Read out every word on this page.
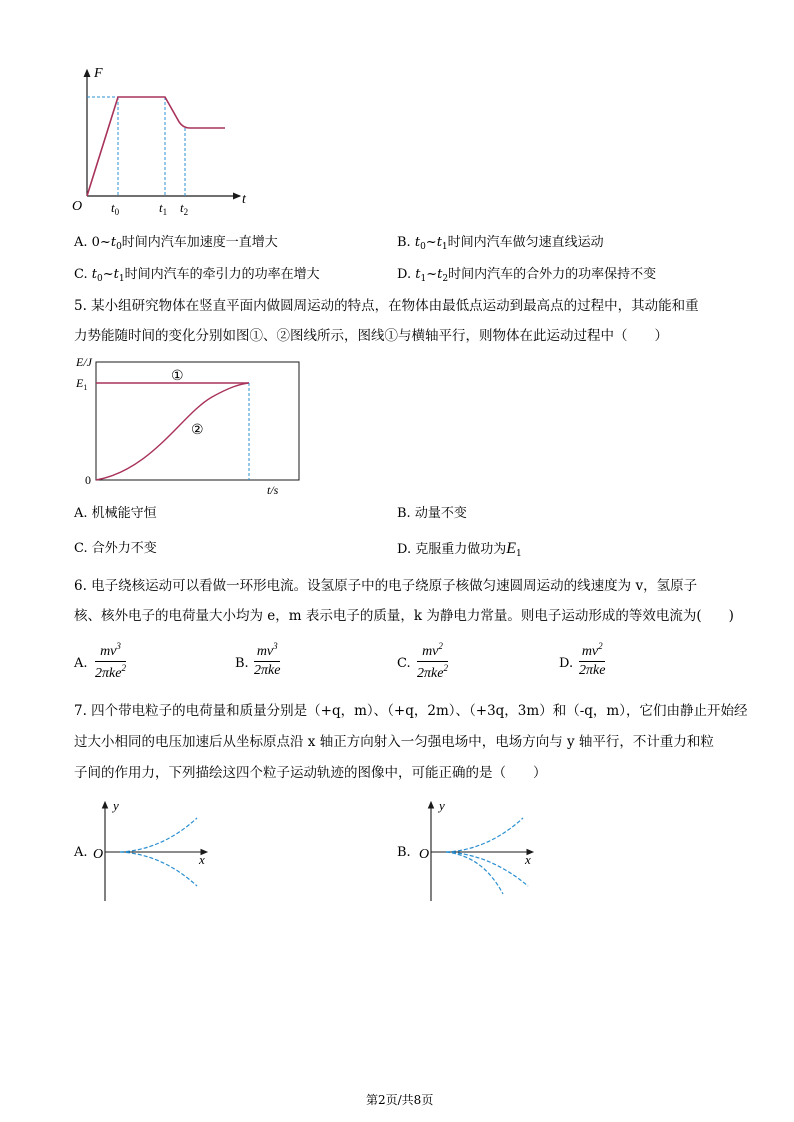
F
t
O $t_0$	$t_1$ $t_2$
A. $0\sim t_0$时间内汽车加速度一直增大	B. $t_0\sim t_1$时间内汽车做匀速直线运动
C. $t_0\sim t_1$时间内汽车的牵引力的功率在增大	D. $t_1\sim t_2$时间内汽车的合外力的功率保持不变
5. 某小组研究物体在竖直平面内做圆周运动的特点，在物体由最低点运动到最高点的过程中，其动能和重
力势能随时间的变化分别如图①、②图线所示，图线①与横轴平行，则物体在此运动过程中（　　）
E/J
$E_1$
0
t/s
①
②
A. 机械能守恒	B. 动量不变
C. 合外力不变	D. 克服重力做功为$E_1$
6. 电子绕核运动可以看做一环形电流。设氢原子中的电子绕原子核做匀速圆周运动的线速度为 v，氢原子
核、核外电子的电荷量大小均为 e，m 表示电子的质量，k 为静电力常量。则电子运动形成的等效电流为(　　)
A.
$mv^3$
2πke$^2$	B.
$mv^3$
2πke	C.
$mv^2$
2πke$^2$	D.
$mv^2$
2πke
7. 四个带电粒子的电荷量和质量分别是（+q，m）、（+q，2m）、（+3q，3m）和（-q，m），它们由静止开始经
过大小相同的电压加速后从坐标原点沿 x 轴正方向射入一匀强电场中，电场方向与 y 轴平行，不计重力和粒
子间的作用力，下列描绘这四个粒子运动轨迹的图像中，可能正确的是（　　）
A.
y
x
O	B.
y
x
O
第2页/共8页
